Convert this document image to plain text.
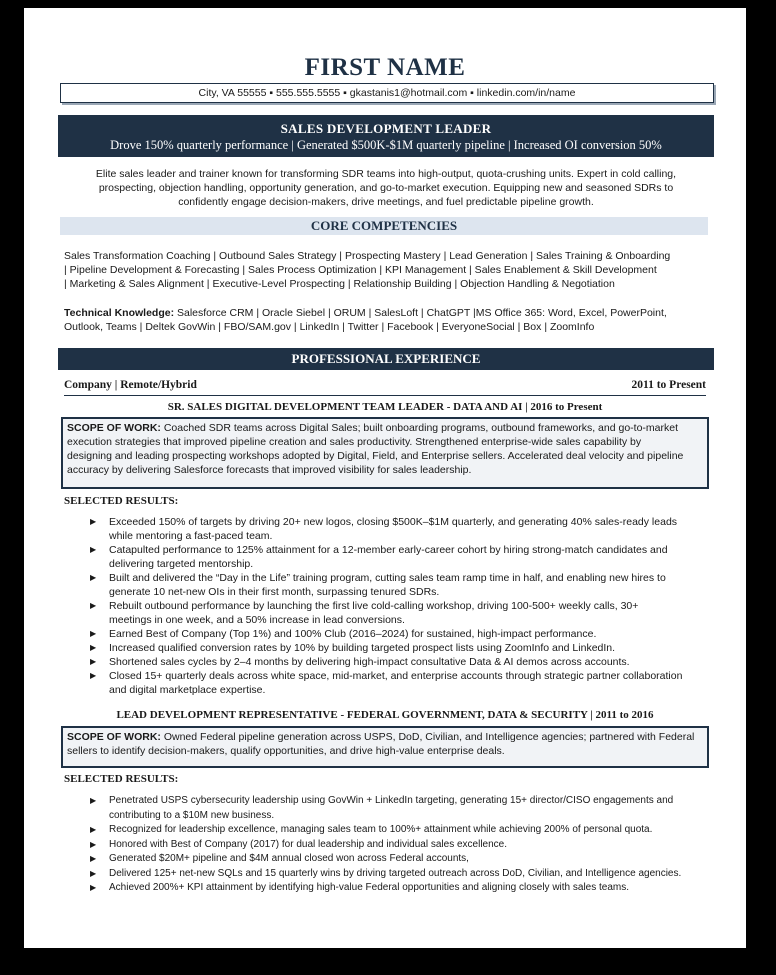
FIRST NAME
City, VA 55555 ▪ 555.555.5555 ▪ gkastanis1@hotmail.com ▪ linkedin.com/in/name
SALES DEVELOPMENT LEADER
Drove 150% quarterly performance | Generated $500K-$1M quarterly pipeline | Increased OI conversion 50%
Elite sales leader and trainer known for transforming SDR teams into high-output, quota-crushing units. Expert in cold calling,
prospecting, objection handling, opportunity generation, and go-to-market execution. Equipping new and seasoned SDRs to
confidently engage decision-makers, drive meetings, and fuel predictable pipeline growth.
CORE COMPETENCIES
Sales Transformation Coaching | Outbound Sales Strategy | Prospecting Mastery | Lead Generation | Sales Training & Onboarding
| Pipeline Development & Forecasting | Sales Process Optimization | KPI Management | Sales Enablement & Skill Development
| Marketing & Sales Alignment | Executive-Level Prospecting | Relationship Building | Objection Handling & Negotiation
Technical Knowledge: Salesforce CRM | Oracle Siebel | ORUM | SalesLoft | ChatGPT |MS Office 365: Word, Excel, PowerPoint,
Outlook, Teams | Deltek GovWin | FBO/SAM.gov | LinkedIn | Twitter | Facebook | EveryoneSocial | Box | ZoomInfo
PROFESSIONAL EXPERIENCE
Company | Remote/Hybrid	2011 to Present
SR. SALES DIGITAL DEVELOPMENT TEAM LEADER - DATA AND AI | 2016 to Present
SCOPE OF WORK: Coached SDR teams across Digital Sales; built onboarding programs, outbound frameworks, and go-to-market
execution strategies that improved pipeline creation and sales productivity. Strengthened enterprise-wide sales capability by
designing and leading prospecting workshops adopted by Digital, Field, and Enterprise sellers. Accelerated deal velocity and pipeline
accuracy by delivering Salesforce forecasts that improved visibility for sales leadership.
SELECTED RESULTS:
▶ Exceeded 150% of targets by driving 20+ new logos, closing $500K–$1M quarterly, and generating 40% sales-ready leads
while mentoring a fast-paced team.
▶ Catapulted performance to 125% attainment for a 12-member early-career cohort by hiring strong-match candidates and
delivering targeted mentorship.
▶ Built and delivered the “Day in the Life” training program, cutting sales team ramp time in half, and enabling new hires to
generate 10 net-new OIs in their first month, surpassing tenured SDRs.
▶ Rebuilt outbound performance by launching the first live cold-calling workshop, driving 100-500+ weekly calls, 30+
meetings in one week, and a 50% increase in lead conversions.
▶ Earned Best of Company (Top 1%) and 100% Club (2016–2024) for sustained, high-impact performance.
▶ Increased qualified conversion rates by 10% by building targeted prospect lists using ZoomInfo and LinkedIn.
▶ Shortened sales cycles by 2–4 months by delivering high-impact consultative Data & AI demos across accounts.
▶ Closed 15+ quarterly deals across white space, mid-market, and enterprise accounts through strategic partner collaboration
and digital marketplace expertise.
LEAD DEVELOPMENT REPRESENTATIVE - FEDERAL GOVERNMENT, DATA & SECURITY | 2011 to 2016
SCOPE OF WORK: Owned Federal pipeline generation across USPS, DoD, Civilian, and Intelligence agencies; partnered with Federal
sellers to identify decision-makers, qualify opportunities, and drive high-value enterprise deals.
SELECTED RESULTS:
▶ Penetrated USPS cybersecurity leadership using GovWin + LinkedIn targeting, generating 15+ director/CISO engagements and
contributing to a $10M new business.
▶ Recognized for leadership excellence, managing sales team to 100%+ attainment while achieving 200% of personal quota.
▶ Honored with Best of Company (2017) for dual leadership and individual sales excellence.
▶ Generated $20M+ pipeline and $4M annual closed won across Federal accounts,
▶ Delivered 125+ net-new SQLs and 15 quarterly wins by driving targeted outreach across DoD, Civilian, and Intelligence agencies.
▶ Achieved 200%+ KPI attainment by identifying high-value Federal opportunities and aligning closely with sales teams.
